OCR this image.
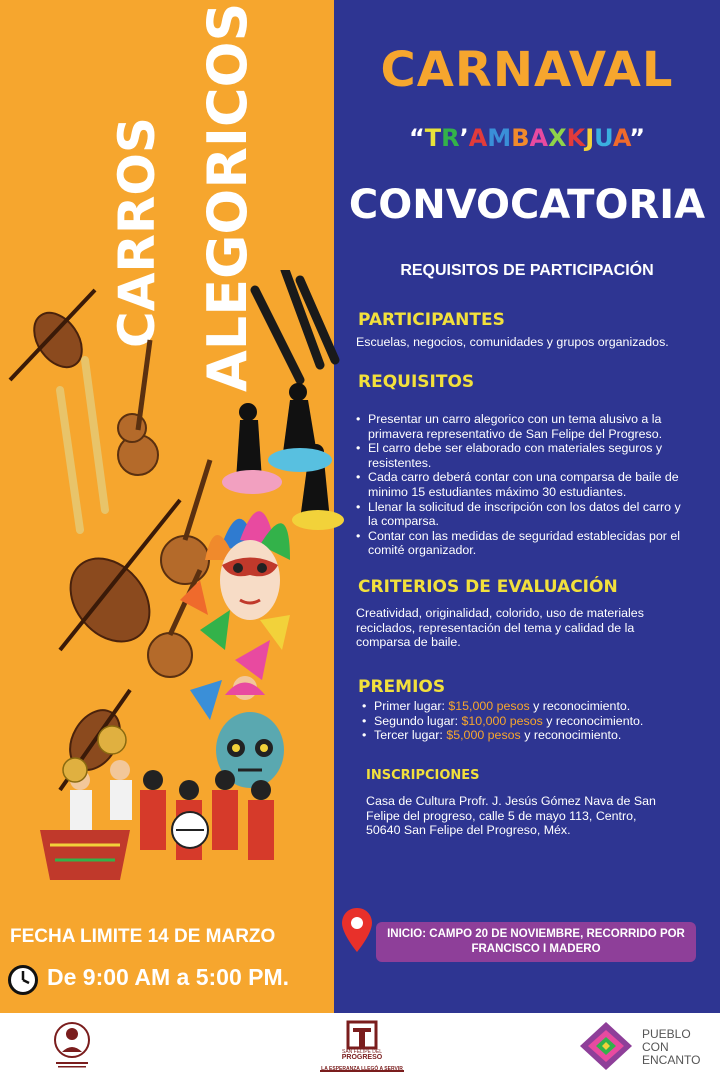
CARROS ALEGORICOS	CARNAVAL
“TR’AMBAXKJUA”
CONVOCATORIA
REQUISITOS DE PARTICIPACIÓN
PARTICIPANTES
Escuelas, negocios, comunidades y grupos organizados.
REQUISITOS
• Presentar un carro alegorico con un tema alusivo a la primavera representativo de San Felipe del Progreso.
• El carro debe ser elaborado con materiales seguros y resistentes.
• Cada carro deberá contar con una comparsa de baile de minimo 15 estudiantes máximo 30 estudiantes.
• Llenar la solicitud de inscripción con los datos del carro y la comparsa.
• Contar con las medidas de seguridad establecidas por el comité organizador.
CRITERIOS DE EVALUACIÓN
Creatividad, originalidad, colorido, uso de materiales reciclados, representación del tema y calidad de la comparsa de baile.
PREMIOS
• Primer lugar: $15,000 pesos y reconocimiento.
• Segundo lugar: $10,000 pesos y reconocimiento.
• Tercer lugar: $5,000 pesos y reconocimiento.
INSCRIPCIONES
Casa de Cultura Profr. J. Jesús Gómez Nava de San Felipe del progreso, calle 5 de mayo 113, Centro, 50640 San Felipe del Progreso, Méx.
FECHA LIMITE 14 DE MARZO
De 9:00 AM a 5:00 PM.
INICIO: CAMPO 20 DE NOVIEMBRE, RECORRIDO POR
FRANCISCO I MADERO
SAN FELIPE DEL
PROGRESO
LA ESPERANZA LLEGÓ A SERVIR
PUEBLO
CON
ENCANTO
